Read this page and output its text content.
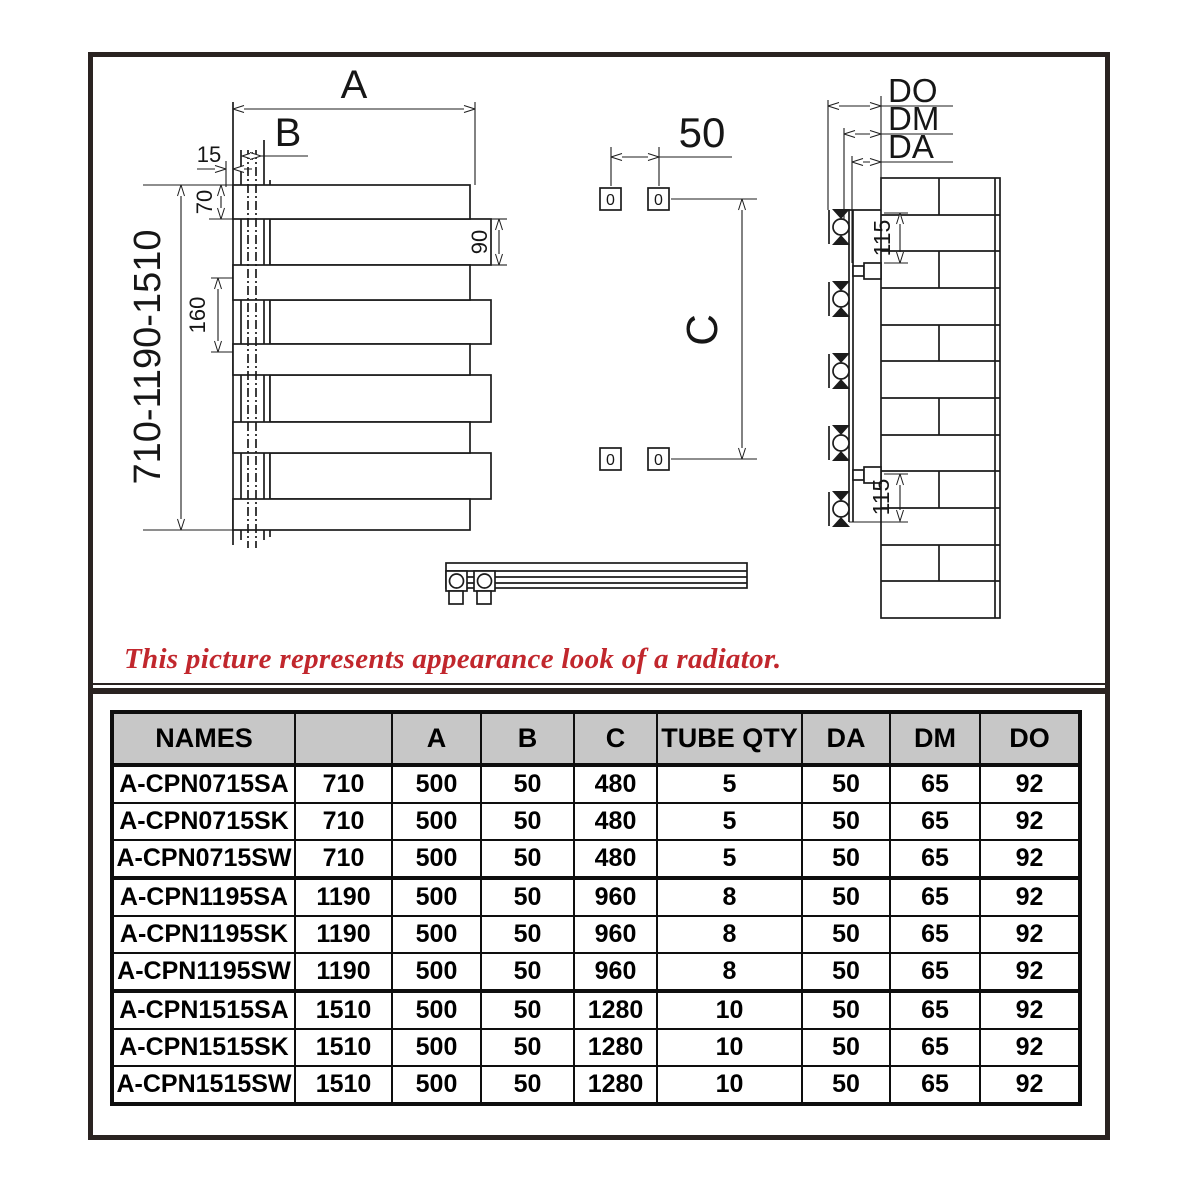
A
B
15
70
90
160
710-1190-1510
0 0
0 0
50
C
DO
DM
DA
115
115
This picture represents appearance look of a radiator.
NAMES		A	B	C	TUBE QTY	DA	DM	DO
A-CPN0715SA	710	500	50	480	5	50	65	92
A-CPN0715SK	710	500	50	480	5	50	65	92
A-CPN0715SW	710	500	50	480	5	50	65	92
A-CPN1195SA	1190	500	50	960	8	50	65	92
A-CPN1195SK	1190	500	50	960	8	50	65	92
A-CPN1195SW	1190	500	50	960	8	50	65	92
A-CPN1515SA	1510	500	50	1280	10	50	65	92
A-CPN1515SK	1510	500	50	1280	10	50	65	92
A-CPN1515SW	1510	500	50	1280	10	50	65	92
